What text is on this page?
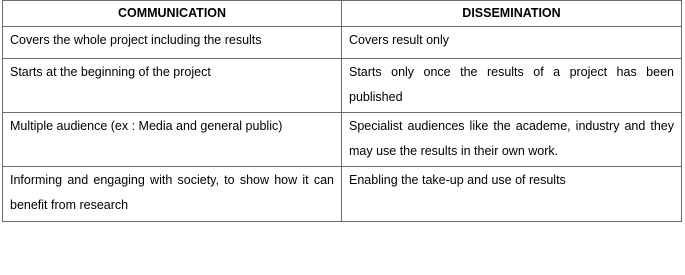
COMMUNICATION	DISSEMINATION
Covers the whole project including the results	Covers result only
Starts at the beginning of the project	Starts only once the results of a project has been published
Multiple audience (ex : Media and general public)	Specialist audiences like the academe, industry and they may use the results in their own work.
Informing and engaging with society, to show how it can benefit from research	Enabling the take-up and use of results
